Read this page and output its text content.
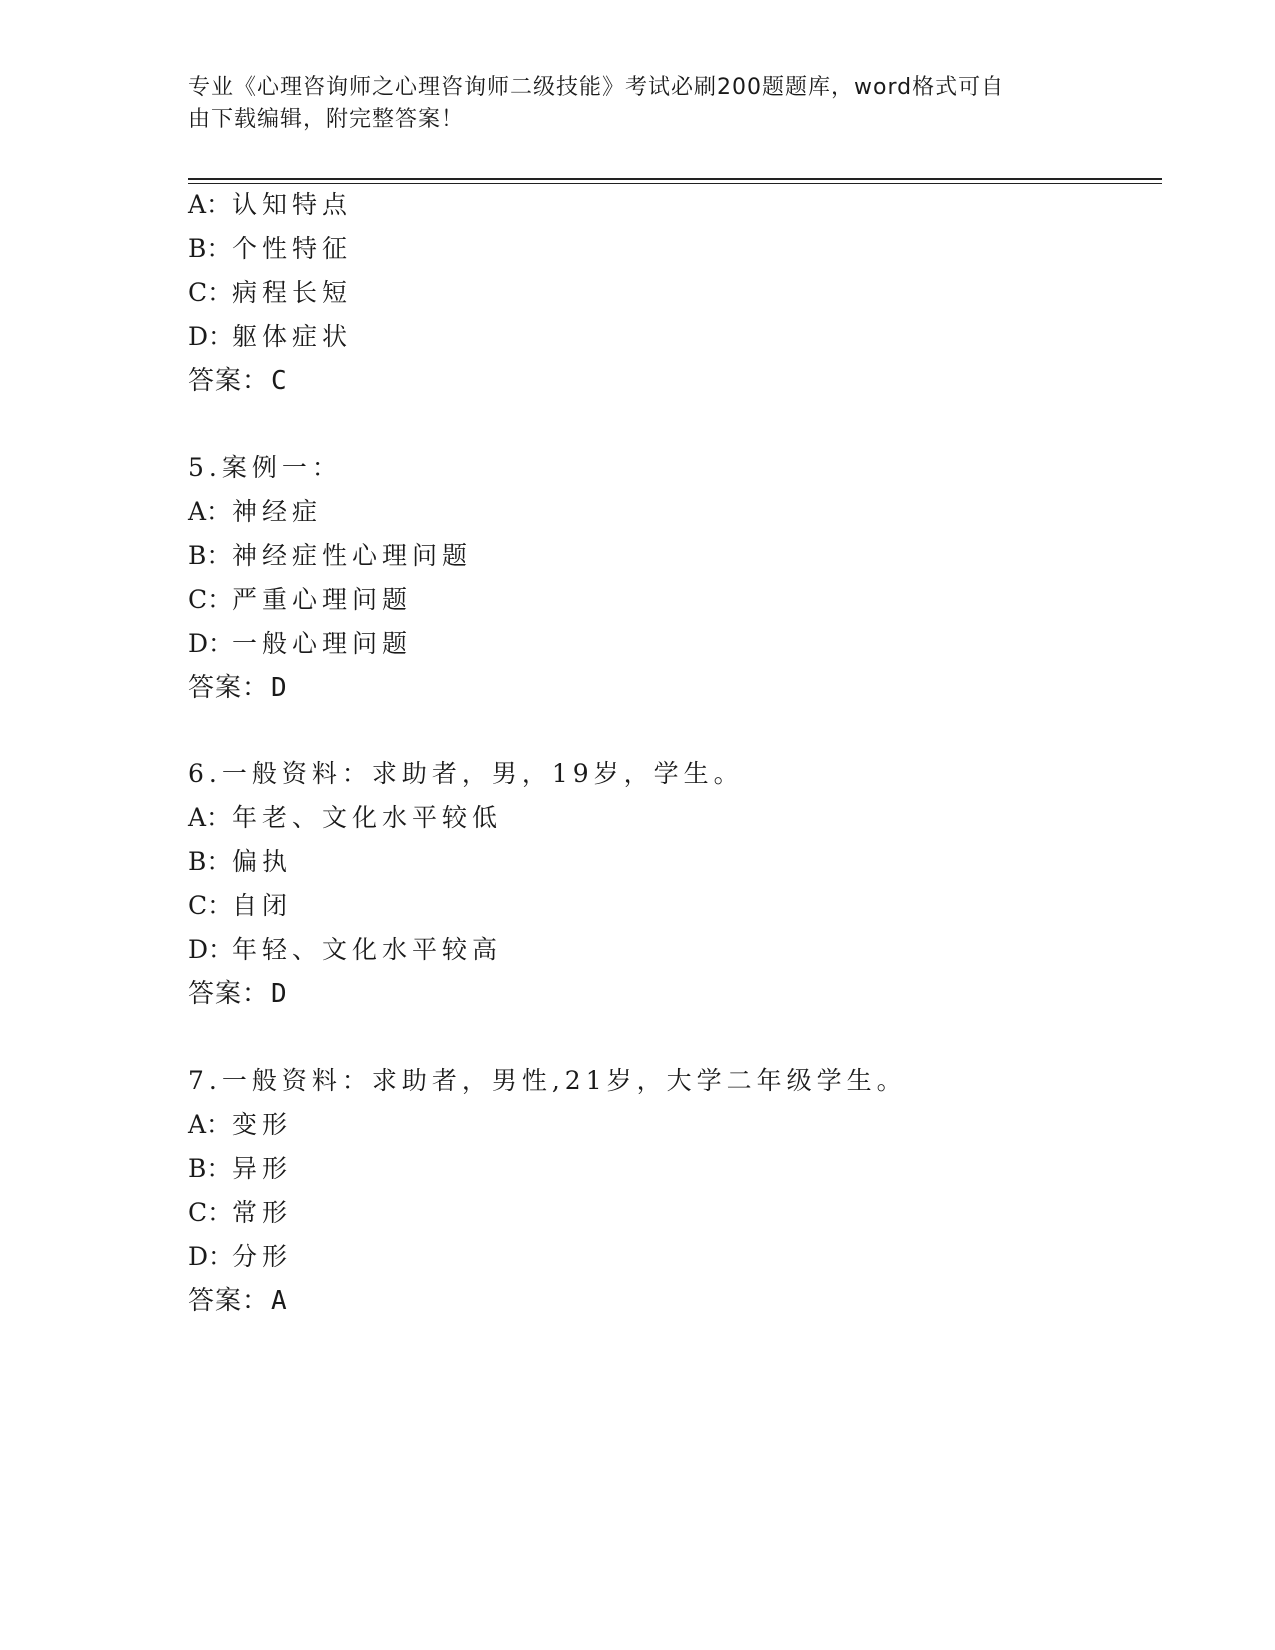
专业《心理咨询师之心理咨询师二级技能》考试必刷200题题库，word格式可自
由下载编辑，附完整答案！
A：认知特点
B：个性特征
C：病程长短
D：躯体症状
答案：C
5.案例一：
A：神经症
B：神经症性心理问题
C：严重心理问题
D：一般心理问题
答案：D
6.一般资料：求助者，男，19岁，学生。
A：年老、文化水平较低
B：偏执
C：自闭
D：年轻、文化水平较高
答案：D
7.一般资料：求助者，男性,21岁，大学二年级学生。
A：变形
B：异形
C：常形
D：分形
答案：A
